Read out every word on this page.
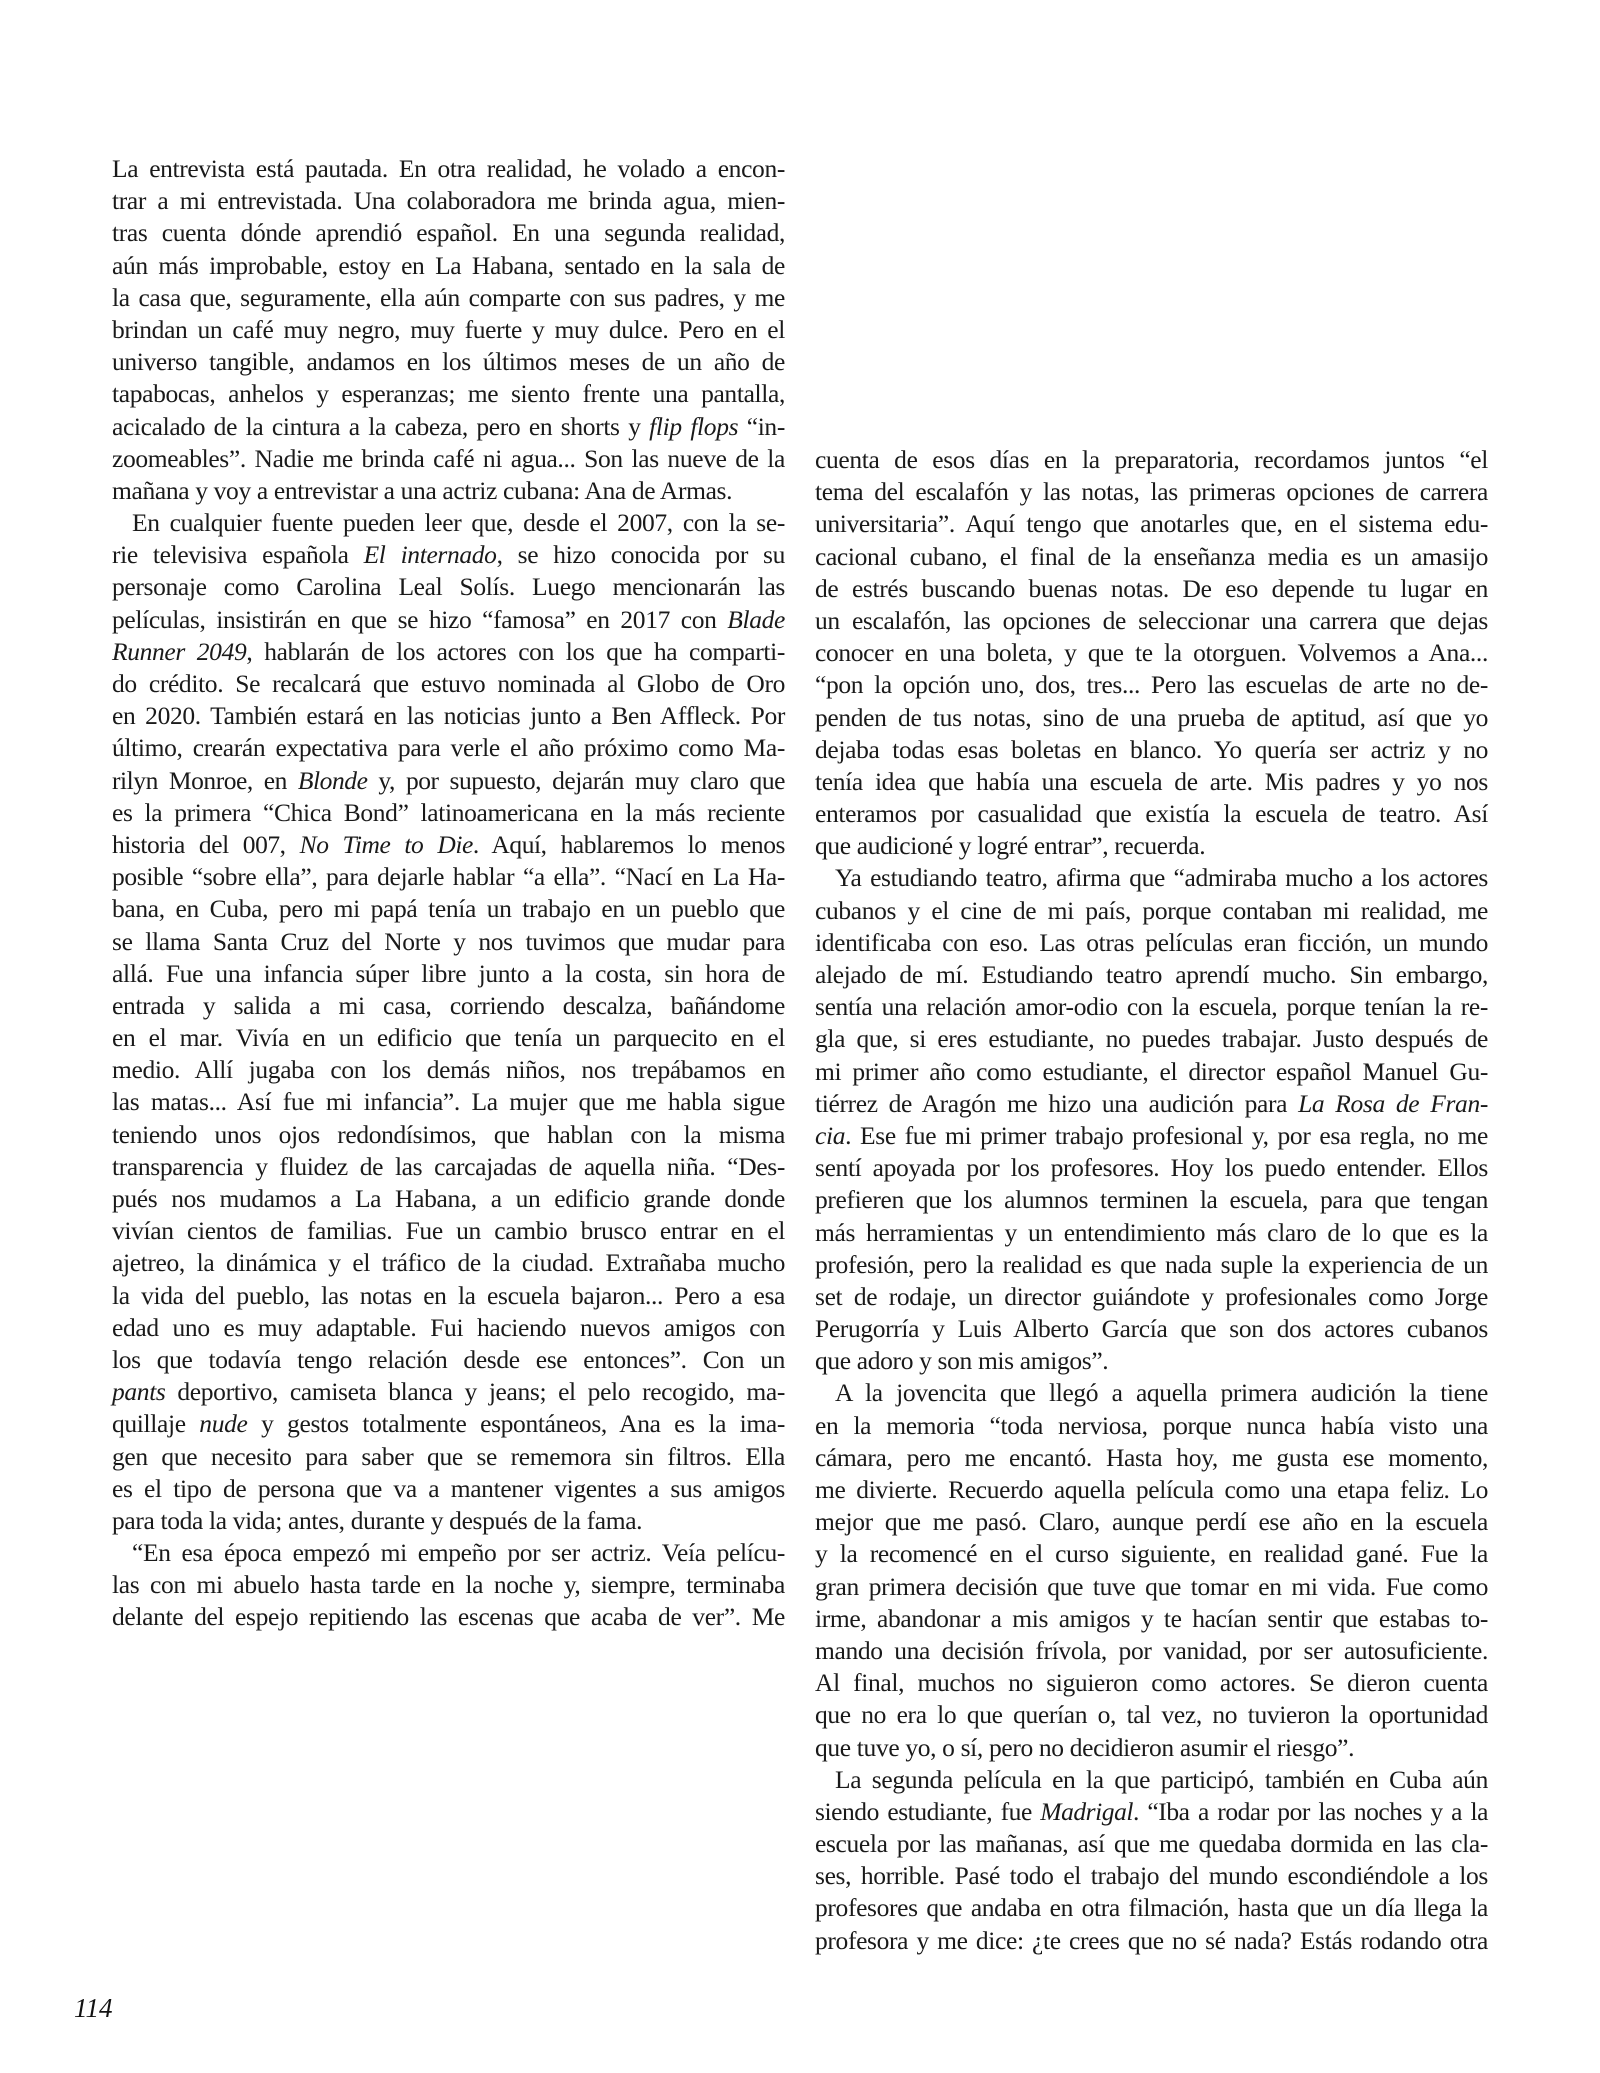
La entrevista está pautada. En otra realidad, he volado a encon-
trar a mi entrevistada. Una colaboradora me brinda agua, mien-
tras cuenta dónde aprendió español. En una segunda realidad,
aún más improbable, estoy en La Habana, sentado en la sala de
la casa que, seguramente, ella aún comparte con sus padres, y me
brindan un café muy negro, muy fuerte y muy dulce. Pero en el
universo tangible, andamos en los últimos meses de un año de
tapabocas, anhelos y esperanzas; me siento frente una pantalla,
acicalado de la cintura a la cabeza, pero en shorts y flip flops “in-
zoomeables”. Nadie me brinda café ni agua... Son las nueve de la
mañana y voy a entrevistar a una actriz cubana: Ana de Armas.
En cualquier fuente pueden leer que, desde el 2007, con la se-
rie televisiva española El internado, se hizo conocida por su
personaje como Carolina Leal Solís. Luego mencionarán las
películas, insistirán en que se hizo “famosa” en 2017 con Blade
Runner 2049, hablarán de los actores con los que ha comparti-
do crédito. Se recalcará que estuvo nominada al Globo de Oro
en 2020. También estará en las noticias junto a Ben Affleck. Por
último, crearán expectativa para verle el año próximo como Ma-
rilyn Monroe, en Blonde y, por supuesto, dejarán muy claro que
es la primera “Chica Bond” latinoamericana en la más reciente
historia del 007, No Time to Die. Aquí, hablaremos lo menos
posible “sobre ella”, para dejarle hablar “a ella”. “Nací en La Ha-
bana, en Cuba, pero mi papá tenía un trabajo en un pueblo que
se llama Santa Cruz del Norte y nos tuvimos que mudar para
allá. Fue una infancia súper libre junto a la costa, sin hora de
entrada y salida a mi casa, corriendo descalza, bañándome
en el mar. Vivía en un edificio que tenía un parquecito en el
medio. Allí jugaba con los demás niños, nos trepábamos en
las matas... Así fue mi infancia”. La mujer que me habla sigue
teniendo unos ojos redondísimos, que hablan con la misma
transparencia y fluidez de las carcajadas de aquella niña. “Des-
pués nos mudamos a La Habana, a un edificio grande donde
vivían cientos de familias. Fue un cambio brusco entrar en el
ajetreo, la dinámica y el tráfico de la ciudad. Extrañaba mucho
la vida del pueblo, las notas en la escuela bajaron... Pero a esa
edad uno es muy adaptable. Fui haciendo nuevos amigos con
los que todavía tengo relación desde ese entonces”. Con un
pants deportivo, camiseta blanca y jeans; el pelo recogido, ma-
quillaje nude y gestos totalmente espontáneos, Ana es la ima-
gen que necesito para saber que se rememora sin filtros. Ella
es el tipo de persona que va a mantener vigentes a sus amigos
para toda la vida; antes, durante y después de la fama.
“En esa época empezó mi empeño por ser actriz. Veía pelícu-
las con mi abuelo hasta tarde en la noche y, siempre, terminaba
delante del espejo repitiendo las escenas que acaba de ver”. Me
cuenta de esos días en la preparatoria, recordamos juntos “el
tema del escalafón y las notas, las primeras opciones de carrera
universitaria”. Aquí tengo que anotarles que, en el sistema edu-
cacional cubano, el final de la enseñanza media es un amasijo
de estrés buscando buenas notas. De eso depende tu lugar en
un escalafón, las opciones de seleccionar una carrera que dejas
conocer en una boleta, y que te la otorguen. Volvemos a Ana...
“pon la opción uno, dos, tres... Pero las escuelas de arte no de-
penden de tus notas, sino de una prueba de aptitud, así que yo
dejaba todas esas boletas en blanco. Yo quería ser actriz y no
tenía idea que había una escuela de arte. Mis padres y yo nos
enteramos por casualidad que existía la escuela de teatro. Así
que audicioné y logré entrar”, recuerda.
Ya estudiando teatro, afirma que “admiraba mucho a los actores
cubanos y el cine de mi país, porque contaban mi realidad, me
identificaba con eso. Las otras películas eran ficción, un mundo
alejado de mí. Estudiando teatro aprendí mucho. Sin embargo,
sentía una relación amor-odio con la escuela, porque tenían la re-
gla que, si eres estudiante, no puedes trabajar. Justo después de
mi primer año como estudiante, el director español Manuel Gu-
tiérrez de Aragón me hizo una audición para La Rosa de Fran-
cia. Ese fue mi primer trabajo profesional y, por esa regla, no me
sentí apoyada por los profesores. Hoy los puedo entender. Ellos
prefieren que los alumnos terminen la escuela, para que tengan
más herramientas y un entendimiento más claro de lo que es la
profesión, pero la realidad es que nada suple la experiencia de un
set de rodaje, un director guiándote y profesionales como Jorge
Perugorría y Luis Alberto García que son dos actores cubanos
que adoro y son mis amigos”.
A la jovencita que llegó a aquella primera audición la tiene
en la memoria “toda nerviosa, porque nunca había visto una
cámara, pero me encantó. Hasta hoy, me gusta ese momento,
me divierte. Recuerdo aquella película como una etapa feliz. Lo
mejor que me pasó. Claro, aunque perdí ese año en la escuela
y la recomencé en el curso siguiente, en realidad gané. Fue la
gran primera decisión que tuve que tomar en mi vida. Fue como
irme, abandonar a mis amigos y te hacían sentir que estabas to-
mando una decisión frívola, por vanidad, por ser autosuficiente.
Al final, muchos no siguieron como actores. Se dieron cuenta
que no era lo que querían o, tal vez, no tuvieron la oportunidad
que tuve yo, o sí, pero no decidieron asumir el riesgo”.
La segunda película en la que participó, también en Cuba aún
siendo estudiante, fue Madrigal. “Iba a rodar por las noches y a la
escuela por las mañanas, así que me quedaba dormida en las cla-
ses, horrible. Pasé todo el trabajo del mundo escondiéndole a los
profesores que andaba en otra filmación, hasta que un día llega la
profesora y me dice: ¿te crees que no sé nada? Estás rodando otra
114
